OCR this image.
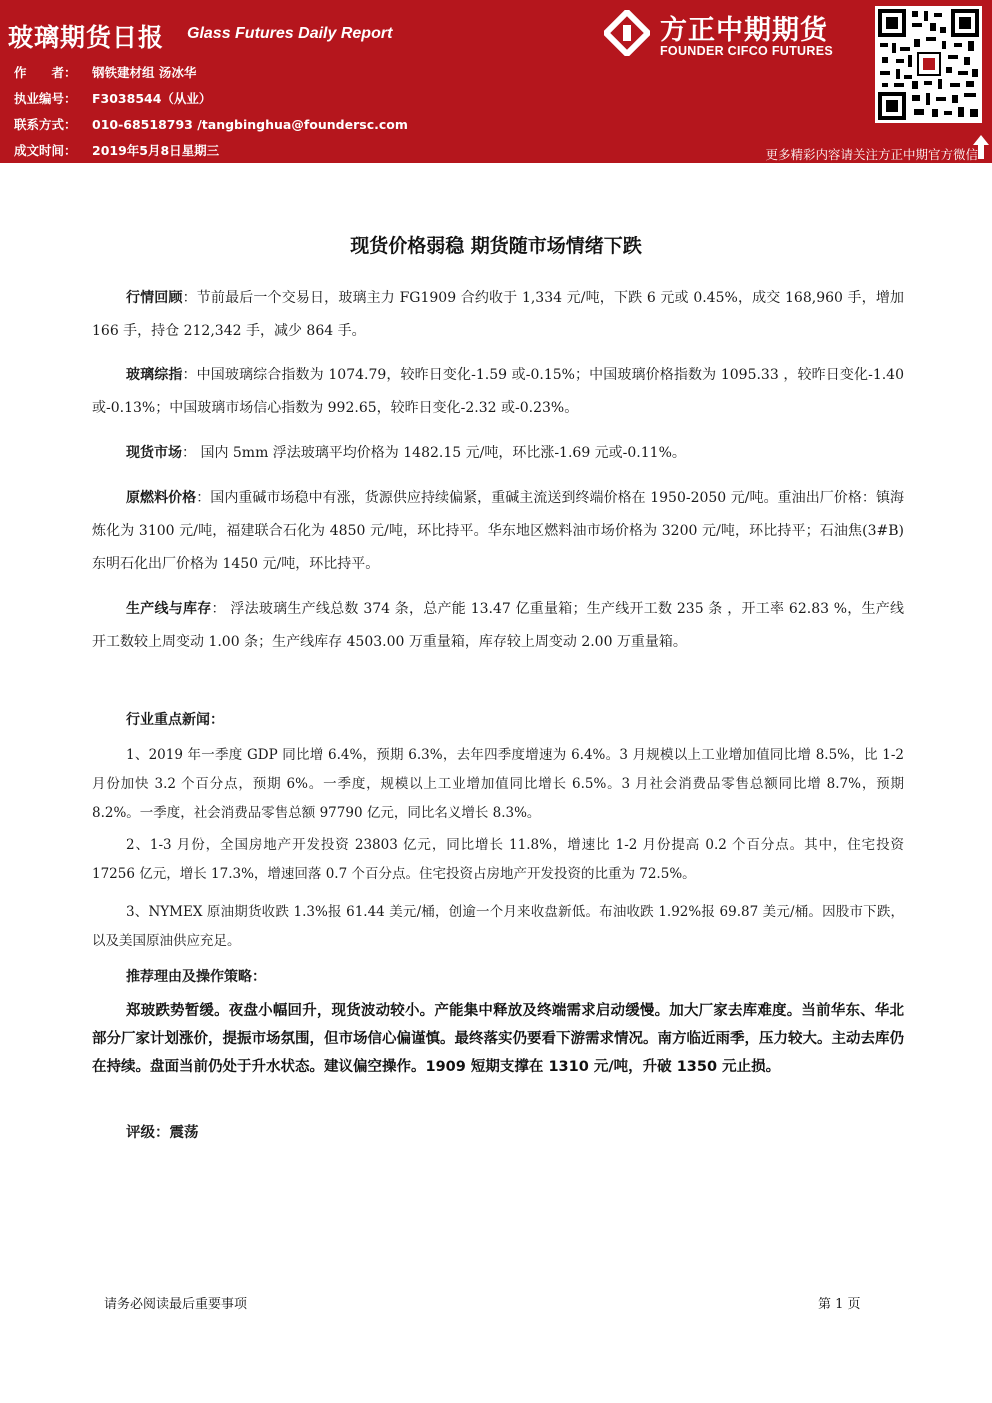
玻璃期货日报 Glass Futures Daily Report
作　　者： 钢铁建材组 汤冰华
执业编号： F3038544（从业）
联系方式： 010-68518793 /tangbinghua@foundersc.com
成文时间： 2019年5月8日星期三
方正中期期货
FOUNDER CIFCO FUTURES
更多精彩内容请关注方正中期官方微信
现货价格弱稳 期货随市场情绪下跌
行情回顾：节前最后一个交易日，玻璃主力 FG1909 合约收于 1,334 元/吨，下跌 6 元或 0.45%，成交 168,960 手，增加 166 手，持仓 212,342 手，减少 864 手。
玻璃综指：中国玻璃综合指数为 1074.79，较昨日变化-1.59 或-0.15%；中国玻璃价格指数为 1095.33 ，较昨日变化-1.40 或-0.13%；中国玻璃市场信心指数为 992.65，较昨日变化-2.32 或-0.23%。
现货市场： 国内 5mm 浮法玻璃平均价格为 1482.15 元/吨，环比涨-1.69 元或-0.11%。
原燃料价格：国内重碱市场稳中有涨，货源供应持续偏紧，重碱主流送到终端价格在 1950-2050 元/吨。重油出厂价格：镇海炼化为 3100 元/吨，福建联合石化为 4850 元/吨，环比持平。华东地区燃料油市场价格为 3200 元/吨，环比持平；石油焦(3#B)东明石化出厂价格为 1450 元/吨，环比持平。
生产线与库存： 浮法玻璃生产线总数 374 条，总产能 13.47 亿重量箱；生产线开工数 235 条 ，开工率 62.83 %，生产线开工数较上周变动 1.00 条；生产线库存 4503.00 万重量箱，库存较上周变动 2.00 万重量箱。
行业重点新闻：
1、2019 年一季度 GDP 同比增 6.4%，预期 6.3%，去年四季度增速为 6.4%。3 月规模以上工业增加值同比增 8.5%，比 1-2 月份加快 3.2 个百分点，预期 6%。一季度，规模以上工业增加值同比增长 6.5%。3 月社会消费品零售总额同比增 8.7%，预期 8.2%。一季度，社会消费品零售总额 97790 亿元，同比名义增长 8.3%。
2、1-3 月份，全国房地产开发投资 23803 亿元，同比增长 11.8%，增速比 1-2 月份提高 0.2 个百分点。其中，住宅投资 17256 亿元，增长 17.3%，增速回落 0.7 个百分点。住宅投资占房地产开发投资的比重为 72.5%。
3、NYMEX 原油期货收跌 1.3%报 61.44 美元/桶，创逾一个月来收盘新低。布油收跌 1.92%报 69.87 美元/桶。因股市下跌，以及美国原油供应充足。
推荐理由及操作策略：
郑玻跌势暂缓。夜盘小幅回升，现货波动较小。产能集中释放及终端需求启动缓慢。加大厂家去库难度。当前华东、华北部分厂家计划涨价，提振市场氛围，但市场信心偏谨慎。最终落实仍要看下游需求情况。南方临近雨季，压力较大。主动去库仍在持续。盘面当前仍处于升水状态。建议偏空操作。1909 短期支撑在 1310 元/吨，升破 1350 元止损。
评级：震荡
请务必阅读最后重要事项	第 1 页
